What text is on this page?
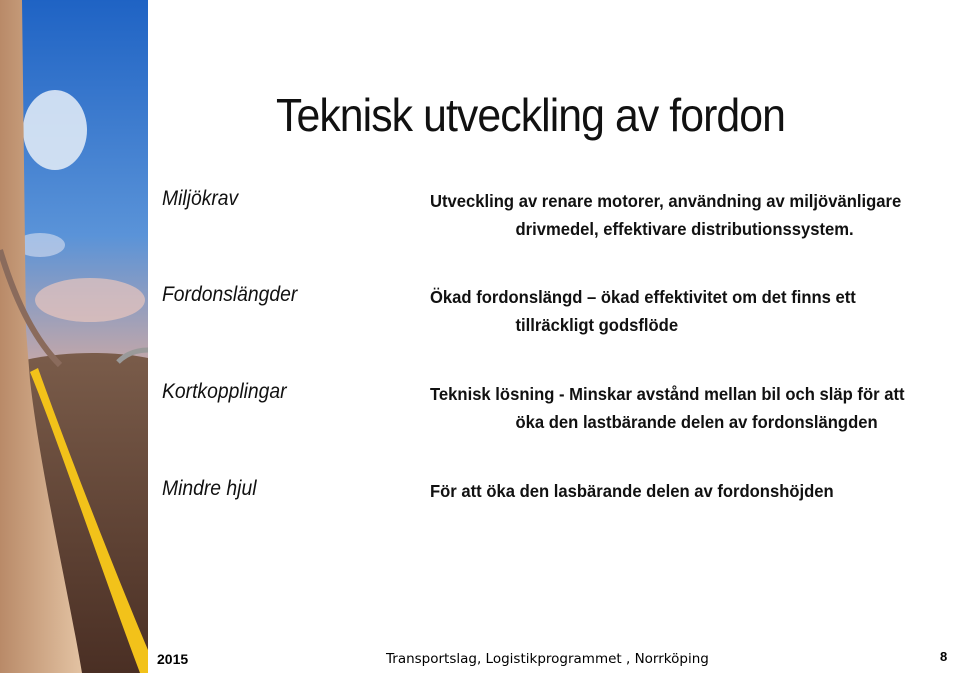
Teknisk utveckling av fordon
Miljökrav	Utveckling av renare motorer, användning av miljövänligare
drivmedel, effektivare distributionssystem.
Fordonslängder	Ökad fordonslängd – ökad effektivitet om det finns ett
tillräckligt godsflöde
Kortkopplingar	Teknisk lösning - Minskar avstånd mellan bil och släp för att
öka den lastbärande delen av fordonslängden
Mindre hjul	För att öka den lasbärande delen av fordonshöjden
2015	Transportslag, Logistikprogrammet , Norrköping	8
